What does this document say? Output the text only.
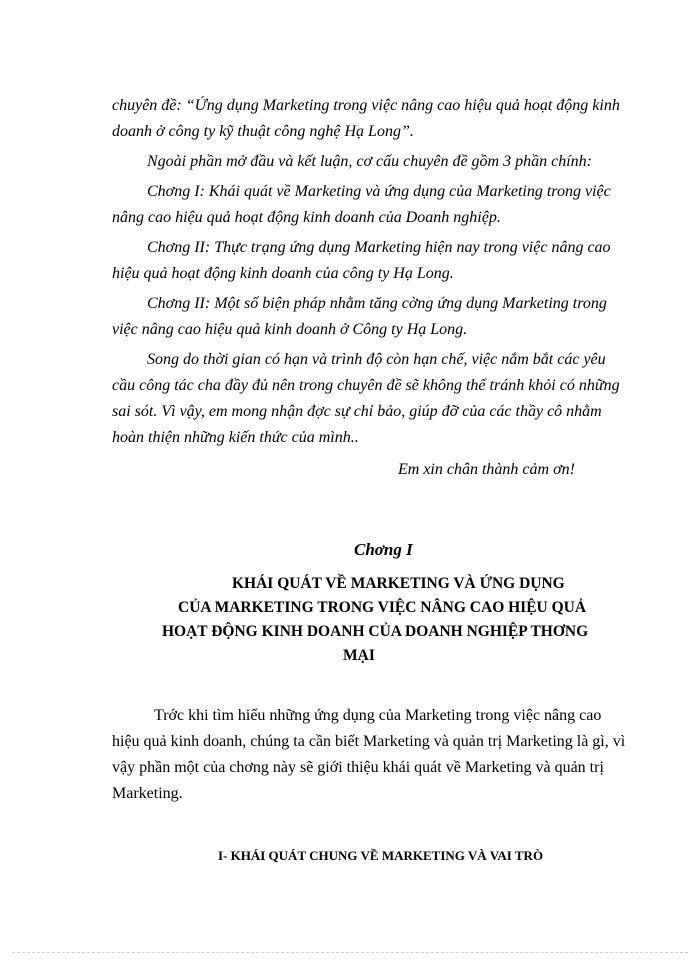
chuyên đề: “Ứng dụng Marketing trong việc nâng cao hiệu quả hoạt động kinh
doanh ở công ty kỹ thuật công nghệ Hạ Long”.
Ngoài phần mở đầu và kết luận, cơ cấu chuyên đề gồm 3 phần chính:
Chơng I: Khái quát về Marketing và ứng dụng của Marketing trong việc
nâng cao hiệu quả hoạt động kinh doanh của Doanh nghiệp.
Chơng II: Thực trạng ứng dụng Marketing hiện nay trong việc nâng cao
hiệu quả hoạt động kinh doanh của công ty Hạ Long.
Chơng II: Một số biện pháp nhằm tăng cờng ứng dụng Marketing trong
việc nâng cao hiệu quả kinh doanh ở Công ty Hạ Long.
Song do thời gian có hạn và trình độ còn hạn chế, việc nắm bắt các yêu
cầu công tác cha đầy đủ nên trong chuyên đề sẽ không thể tránh khỏi có những
sai sót. Vì vậy, em mong nhận đợc sự chỉ bảo, giúp đỡ của các thầy cô nhằm
hoàn thiện những kiến thức của mình..
Em xin chân thành cảm ơn!
Chơng I
KHÁI QUÁT VỀ MARKETING VÀ ỨNG DỤNG
CỦA MARKETING TRONG VIỆC NÂNG CAO HIỆU QUẢ
HOẠT ĐỘNG KINH DOANH CỦA DOANH NGHIỆP THƠNG
MẠI
Trớc khi tìm hiểu những ứng dụng của Marketing trong việc nâng cao
hiệu quả kinh doanh, chúng ta cần biết Marketing và quản trị Marketing là gì, vì
vậy phần một của chơng này sẽ giới thiệu khái quát về Marketing và quản trị
Marketing.
I- KHÁI QUÁT CHUNG VỀ MARKETING VÀ VAI TRÒ
